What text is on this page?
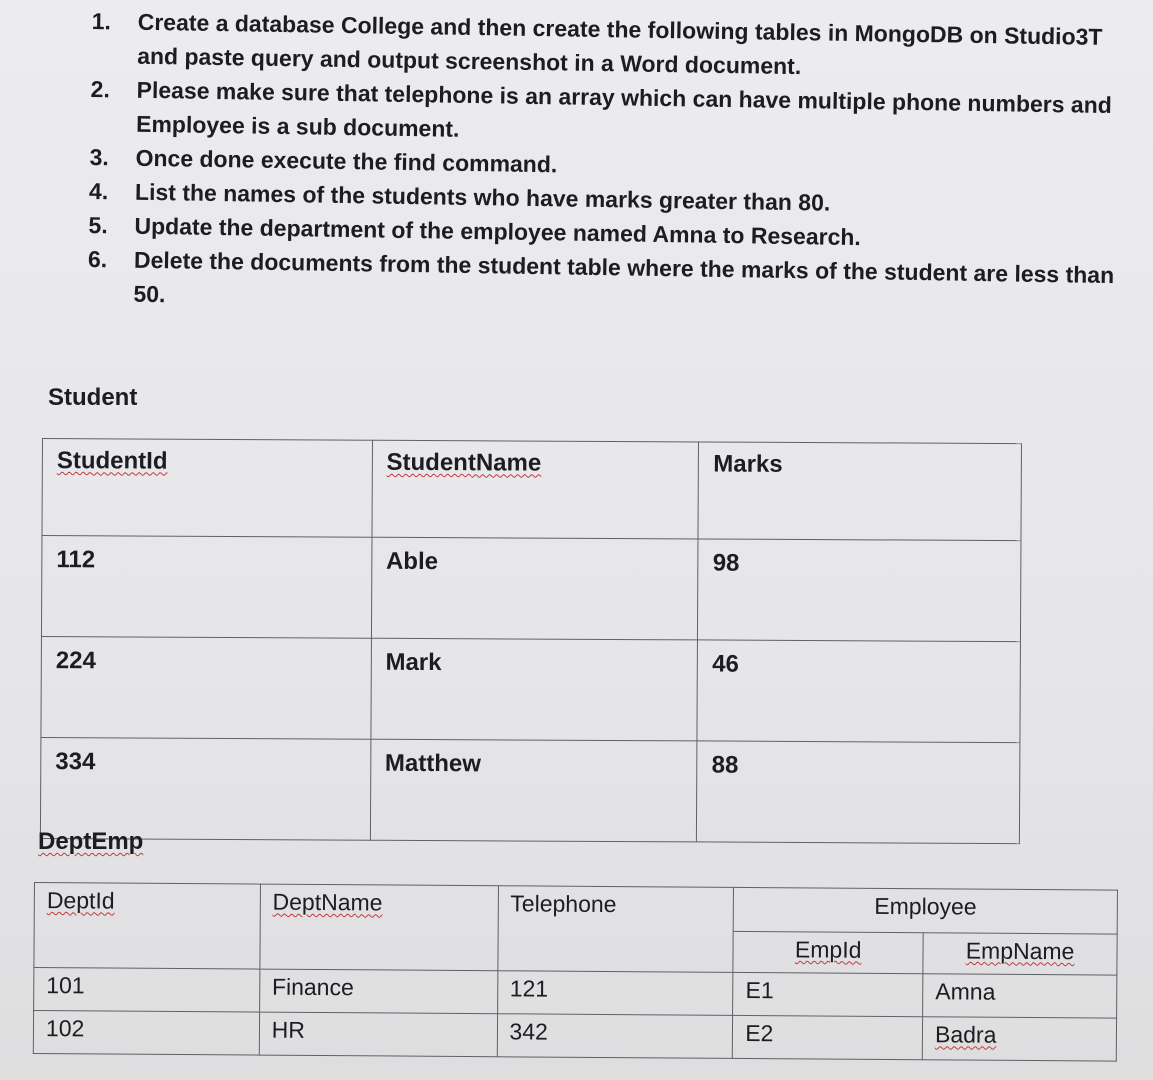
1.	Create a database College and then create the following tables in MongoDB on Studio3T and paste query and output screenshot in a Word document.
2.	Please make sure that telephone is an array which can have multiple phone numbers and Employee is a sub document.
3.	Once done execute the find command.
4.	List the names of the students who have marks greater than 80.
5.	Update the department of the employee named Amna to Research.
6.	Delete the documents from the student table where the marks of the student are less than 50.
Student
StudentId	StudentName	Marks
112	Able	98
224	Mark	46
334	Matthew	88
DeptEmp
DeptId	DeptName	Telephone	Employee	
			EmpId	EmpName
101	Finance	121	E1	Amna
102	HR	342	E2	Badra
